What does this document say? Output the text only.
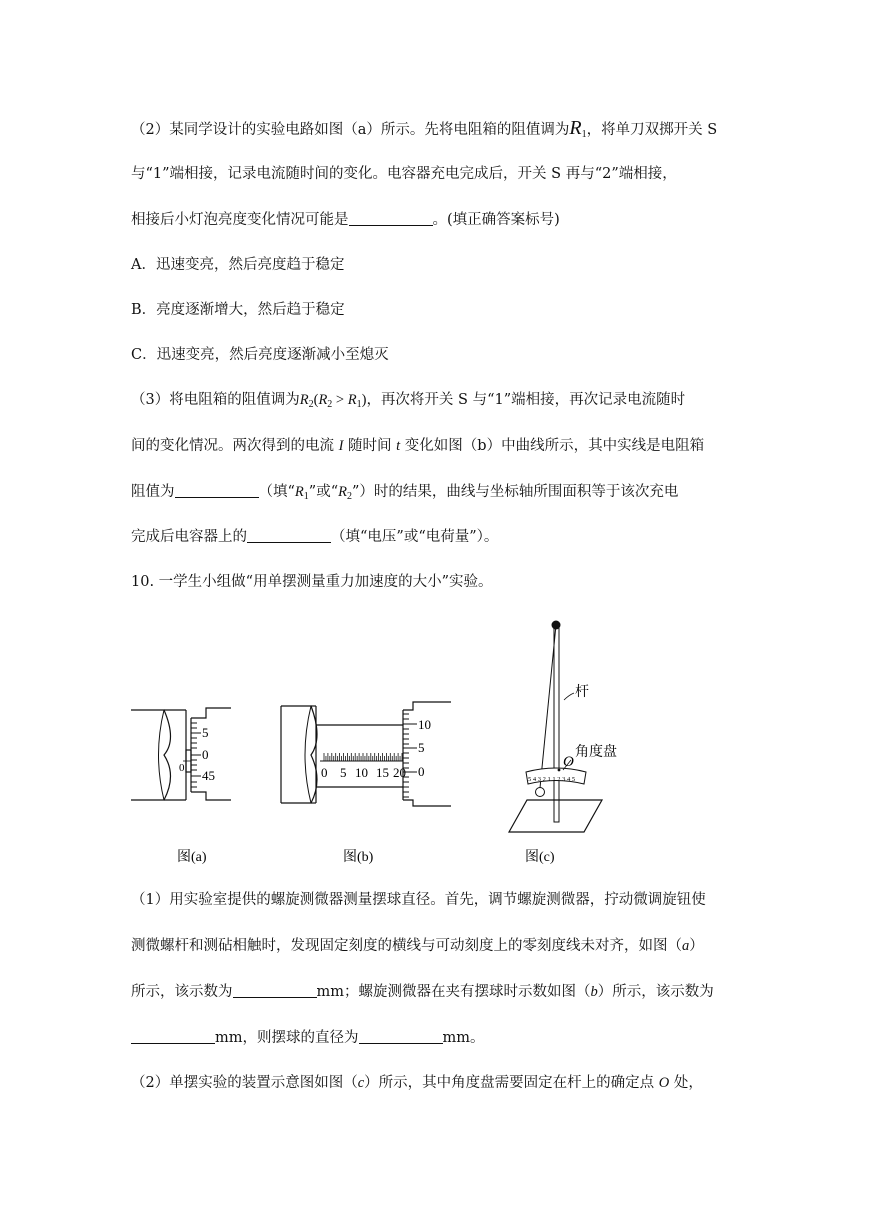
（2）某同学设计的实验电路如图（a）所示。先将电阻箱的阻值调为$R_1$，将单刀双掷开关 S
与“1”端相接，记录电流随时间的变化。电容器充电完成后，开关 S 再与“2”端相接，
相接后小灯泡亮度变化情况可能是	。(填正确答案标号)
A．迅速变亮，然后亮度趋于稳定
B．亮度逐渐增大，然后趋于稳定
C．迅速变亮，然后亮度逐渐减小至熄灭
（3）将电阻箱的阻值调为$R_2(R_2 > R_1)$，再次将开关 S 与“1”端相接，再次记录电流随时
间的变化情况。两次得到的电流 I 随时间 t 变化如图（b）中曲线所示，其中实线是电阻箱
阻值为	（填“$R_1$”或“$R_2$”）时的结果，曲线与坐标轴所围面积等于该次充电
完成后电容器上的	（填“电压”或“电荷量”）。
10. 一学生小组做“用单摆测量重力加速度的大小”实验。
5
0
45
0
图(a)
0 5 10 15 20
10
5
0
图(b)
5 4 3 2 1 1 2 3 4 5
杆
O
角度盘
图(c)
（1）用实验室提供的螺旋测微器测量摆球直径。首先，调节螺旋测微器，拧动微调旋钮使
测微螺杆和测砧相触时，发现固定刻度的横线与可动刻度上的零刻度线未对齐，如图（a）
所示，该示数为	mm；螺旋测微器在夹有摆球时示数如图（b）所示，该示数为
mm，则摆球的直径为	mm。
（2）单摆实验的装置示意图如图（c）所示，其中角度盘需要固定在杆上的确定点 O 处，
